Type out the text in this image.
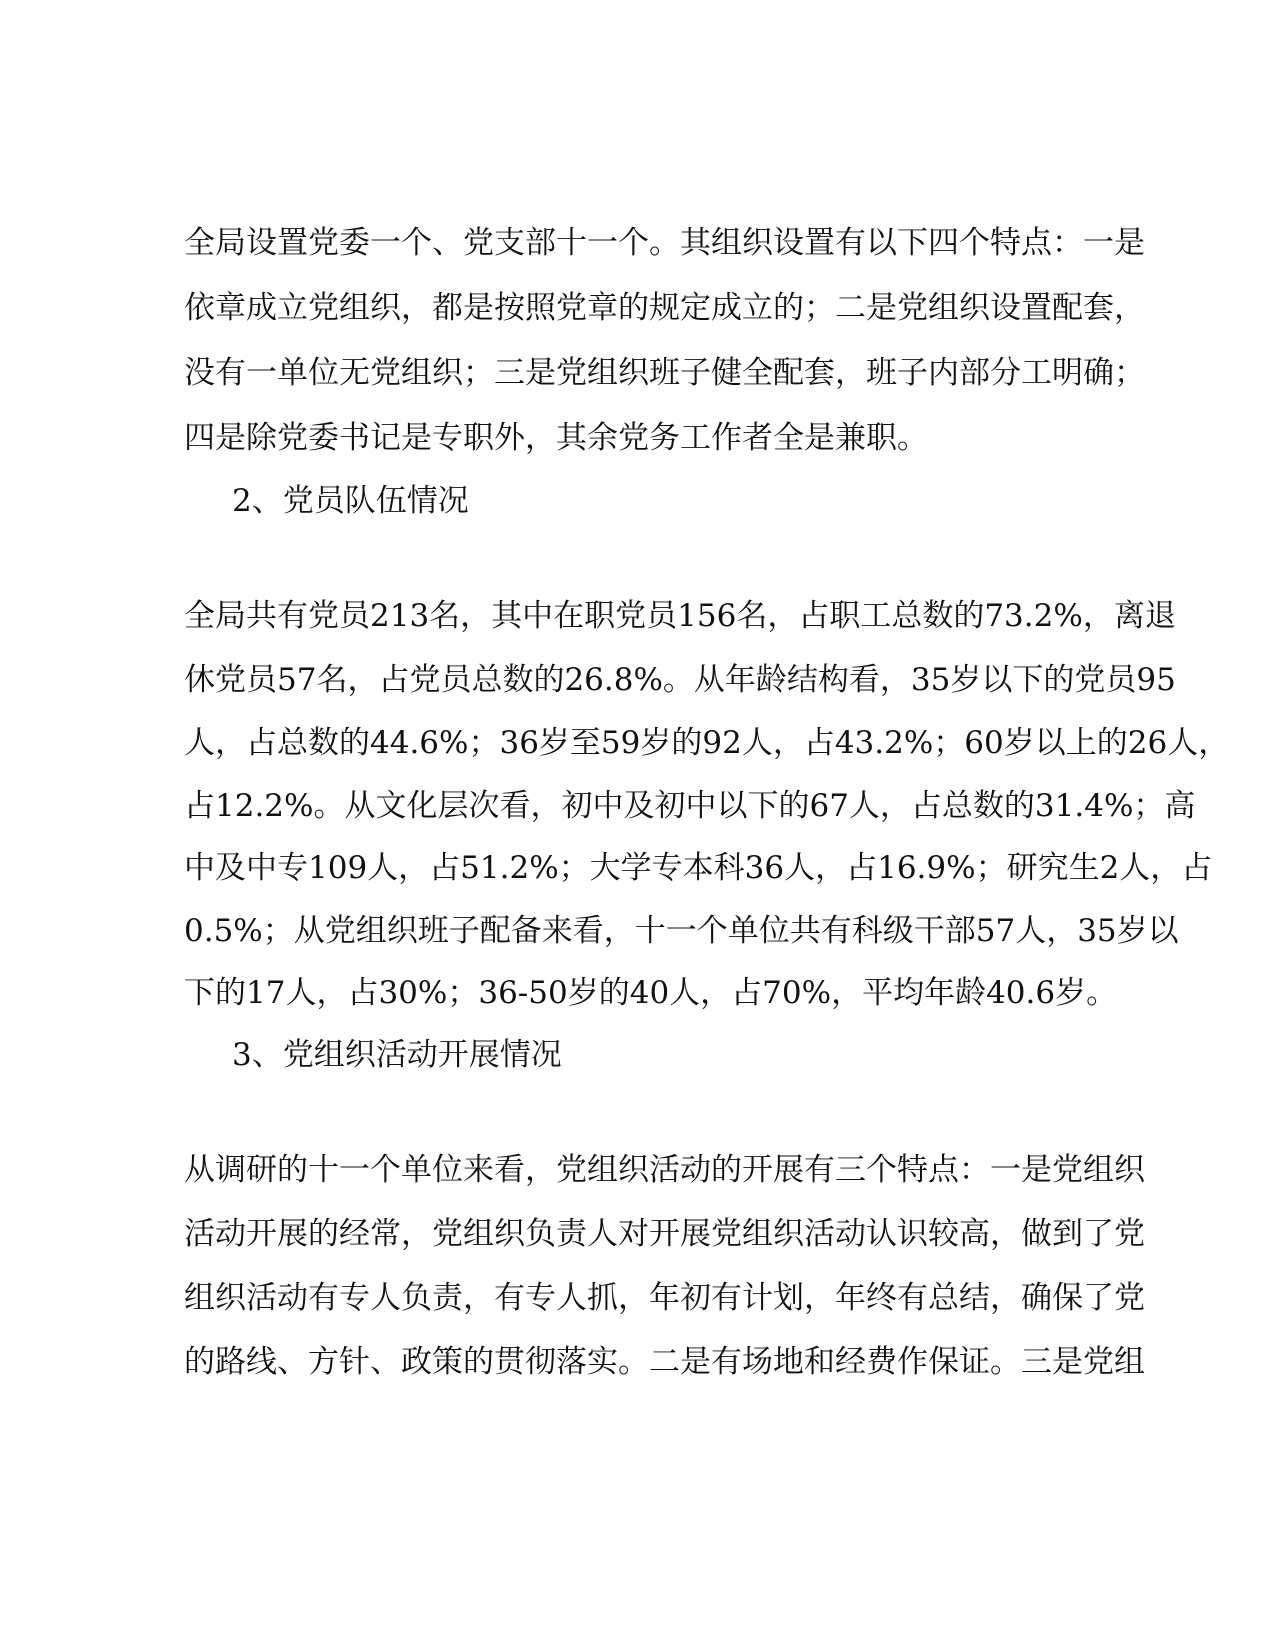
全局设置党委一个、党支部十一个。其组织设置有以下四个特点：一是
依章成立党组织，都是按照党章的规定成立的；二是党组织设置配套，
没有一单位无党组织；三是党组织班子健全配套，班子内部分工明确；
四是除党委书记是专职外，其余党务工作者全是兼职。
2、党员队伍情况
全局共有党员213名，其中在职党员156名，占职工总数的73.2%，离退
休党员57名，占党员总数的26.8%。从年龄结构看，35岁以下的党员95
人，占总数的44.6%；36岁至59岁的92人，占43.2%；60岁以上的26人，
占12.2%。从文化层次看，初中及初中以下的67人，占总数的31.4%；高
中及中专109人，占51.2%；大学专本科36人，占16.9%；研究生2人，占
0.5%；从党组织班子配备来看，十一个单位共有科级干部57人，35岁以
下的17人，占30%；36-50岁的40人，占70%，平均年龄40.6岁。
3、党组织活动开展情况
从调研的十一个单位来看，党组织活动的开展有三个特点：一是党组织
活动开展的经常，党组织负责人对开展党组织活动认识较高，做到了党
组织活动有专人负责，有专人抓，年初有计划，年终有总结，确保了党
的路线、方针、政策的贯彻落实。二是有场地和经费作保证。三是党组
